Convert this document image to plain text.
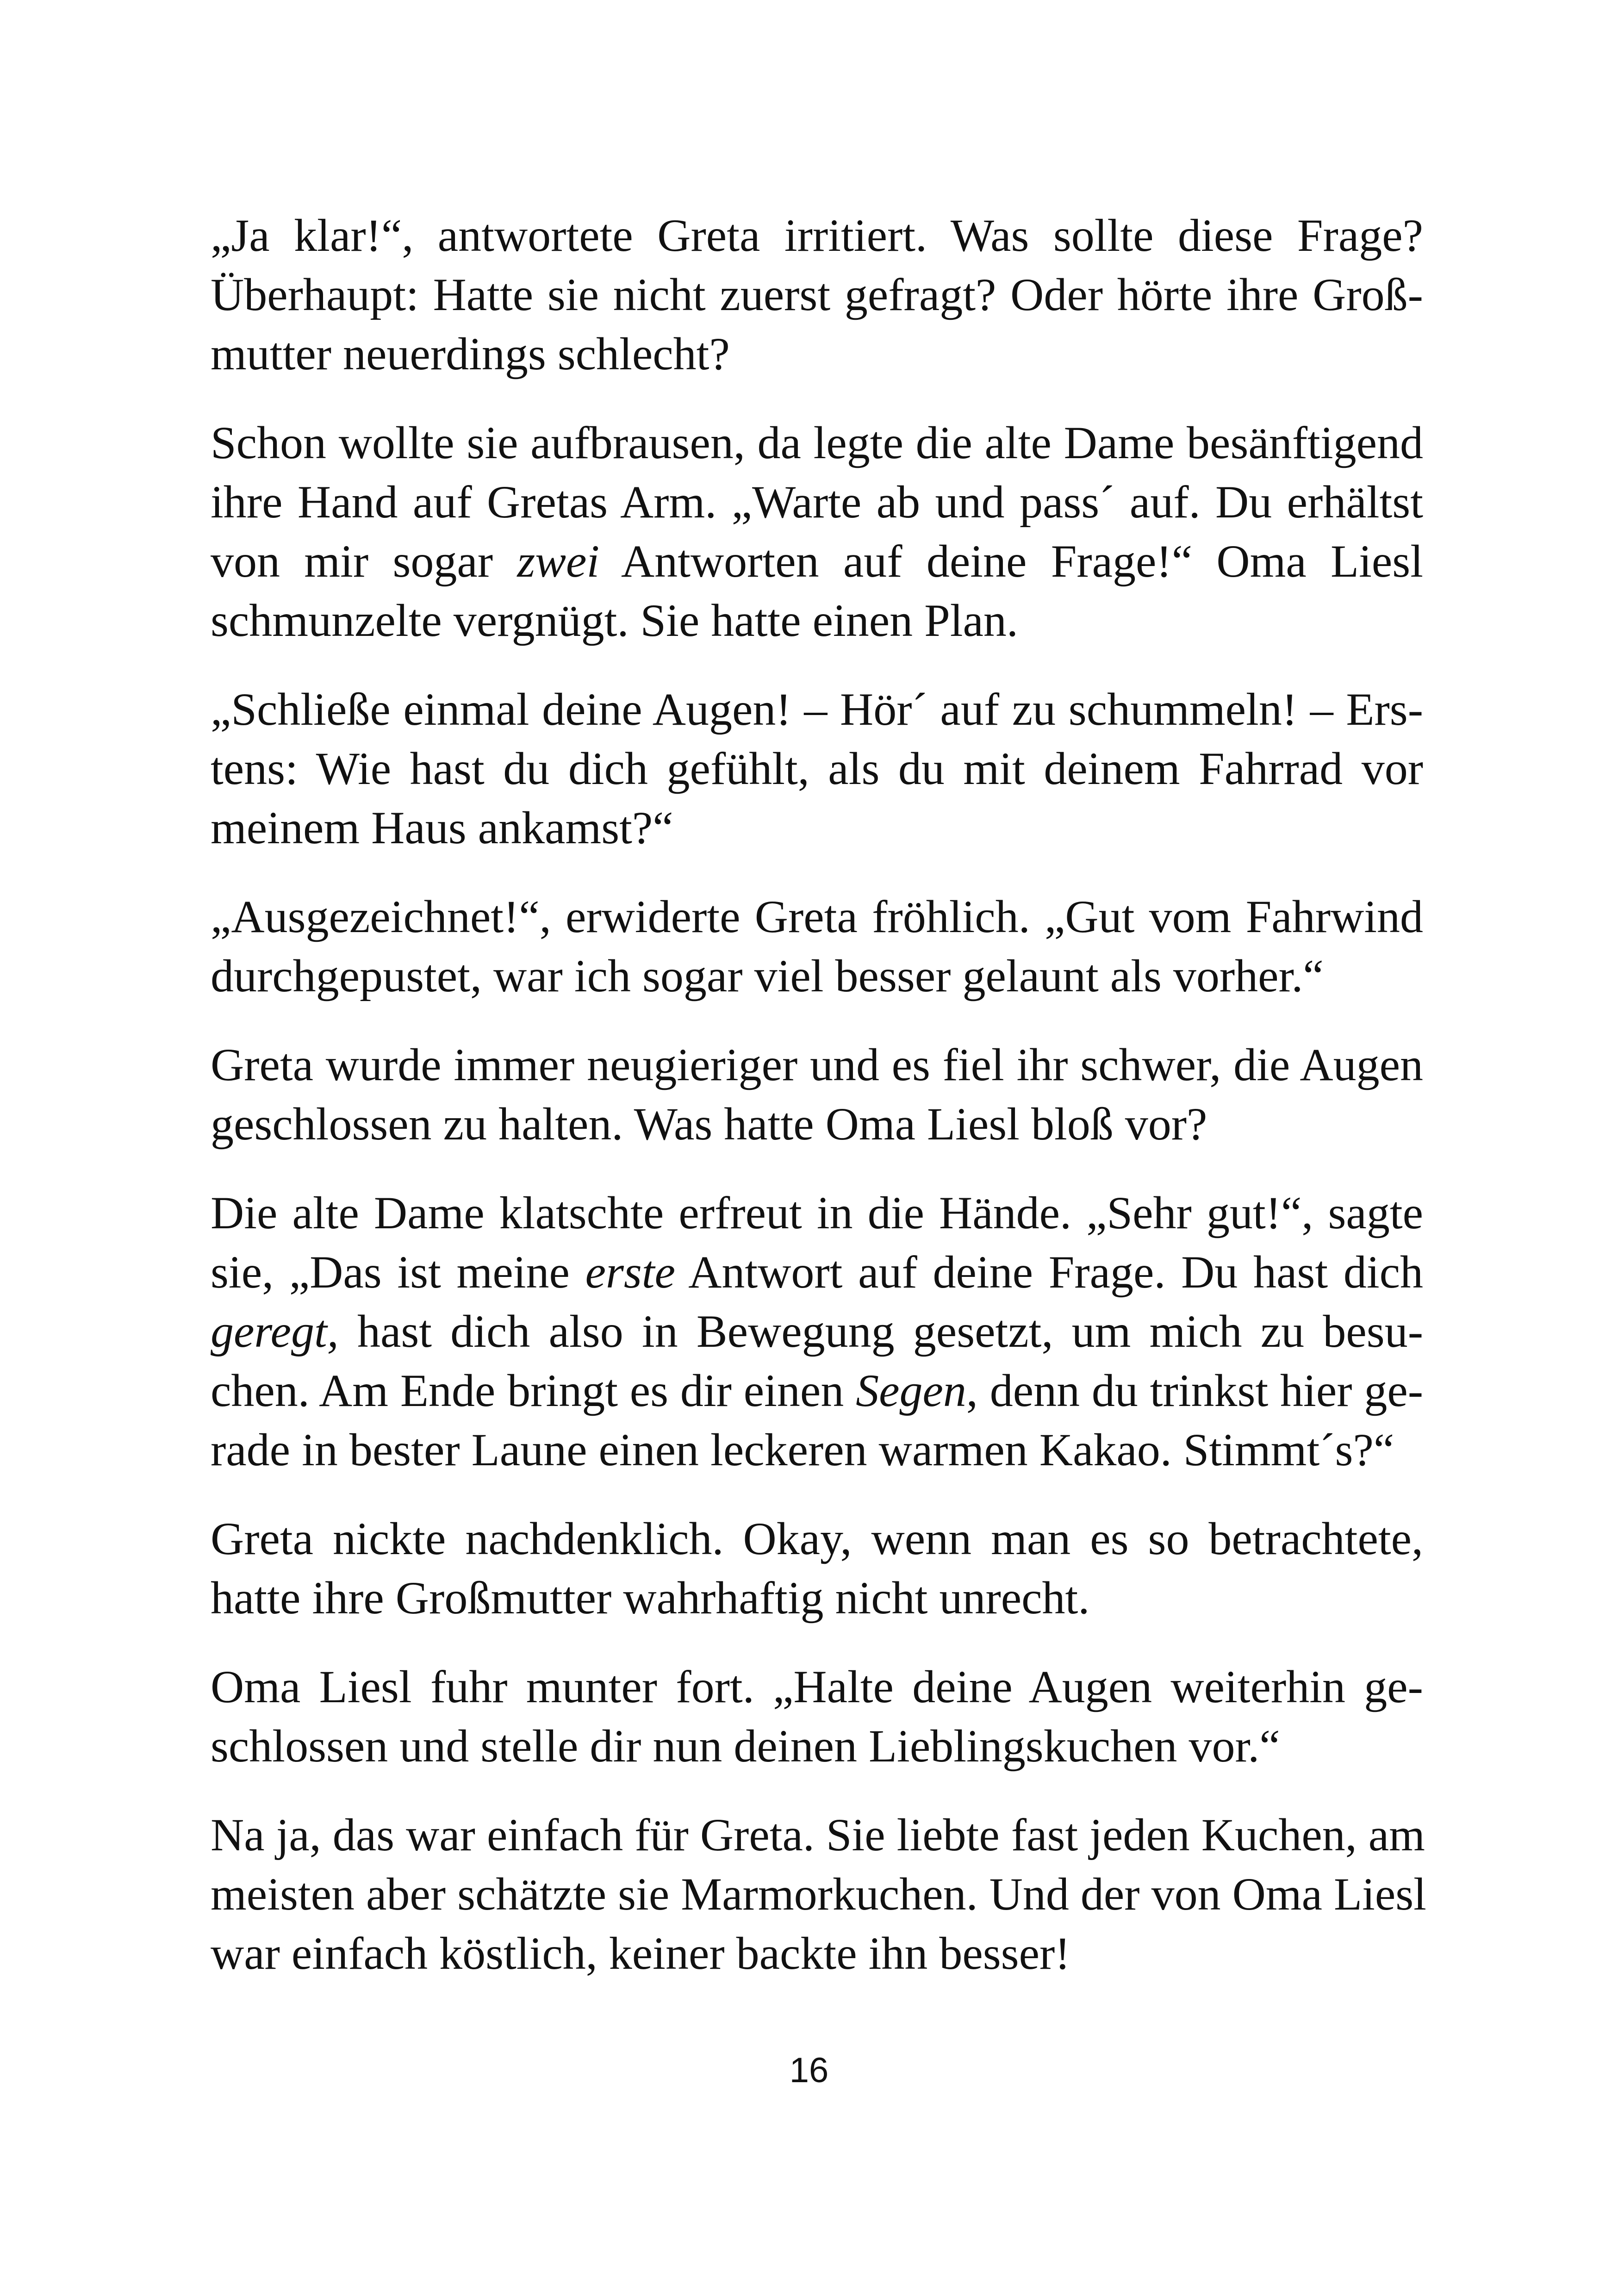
„Ja klar!“, antwortete Greta irritiert. Was sollte diese Frage?
Überhaupt: Hatte sie nicht zuerst gefragt? Oder hörte ihre Groß-
mutter neuerdings schlecht?

Schon wollte sie aufbrausen, da legte die alte Dame besänftigend
ihre Hand auf Gretas Arm. „Warte ab und pass´ auf. Du erhältst
von mir sogar zwei Antworten auf deine Frage!“ Oma Liesl
schmunzelte vergnügt. Sie hatte einen Plan.

„Schließe einmal deine Augen! – Hör´ auf zu schummeln! – Ers-
tens: Wie hast du dich gefühlt, als du mit deinem Fahrrad vor
meinem Haus ankamst?“

„Ausgezeichnet!“, erwiderte Greta fröhlich. „Gut vom Fahrwind
durchgepustet, war ich sogar viel besser gelaunt als vorher.“

Greta wurde immer neugieriger und es fiel ihr schwer, die Augen
geschlossen zu halten. Was hatte Oma Liesl bloß vor?

Die alte Dame klatschte erfreut in die Hände. „Sehr gut!“, sagte
sie, „Das ist meine erste Antwort auf deine Frage. Du hast dich
geregt, hast dich also in Bewegung gesetzt, um mich zu besu-
chen. Am Ende bringt es dir einen Segen, denn du trinkst hier ge-
rade in bester Laune einen leckeren warmen Kakao. Stimmt´s?“

Greta nickte nachdenklich. Okay, wenn man es so betrachtete,
hatte ihre Großmutter wahrhaftig nicht unrecht.

Oma Liesl fuhr munter fort. „Halte deine Augen weiterhin ge-
schlossen und stelle dir nun deinen Lieblingskuchen vor.“

Na ja, das war einfach für Greta. Sie liebte fast jeden Kuchen, am
meisten aber schätzte sie Marmorkuchen. Und der von Oma Liesl
war einfach köstlich, keiner backte ihn besser!

16
